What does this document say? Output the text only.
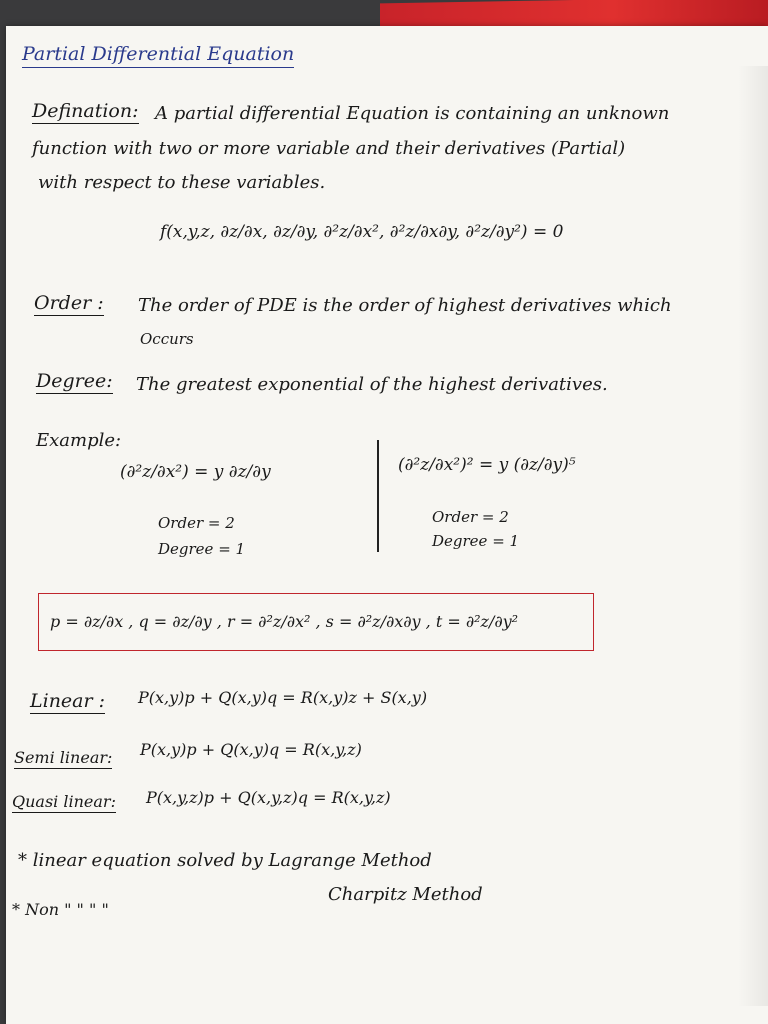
Partial Differential Equation
Defination: A partial differential Equation is containing an unknown
function with two or more variable and their derivatives (Partial)
with respect to these variables.
f(x,y,z, ∂z/∂x, ∂z/∂y, ∂²z/∂x², ∂²z/∂x∂y, ∂²z/∂y²) = 0
Order : The order of PDE is the order of highest derivatives which
Occurs
Degree: The greatest exponential of the highest derivatives.
Example:
(∂²z/∂x²) = y ∂z/∂y
Order = 2
Degree = 1
(∂²z/∂x²)² = y (∂z/∂y)⁵
Order = 2
Degree = 1
p = ∂z/∂x , q = ∂z/∂y , r = ∂²z/∂x² , s = ∂²z/∂x∂y , t = ∂²z/∂y²
Linear : P(x,y)p + Q(x,y)q = R(x,y)z + S(x,y)
Semi linear: P(x,y)p + Q(x,y)q = R(x,y,z)
Quasi linear: P(x,y,z)p + Q(x,y,z)q = R(x,y,z)
* linear equation solved by Lagrange Method
* Non " " " "
Charpitz Method
